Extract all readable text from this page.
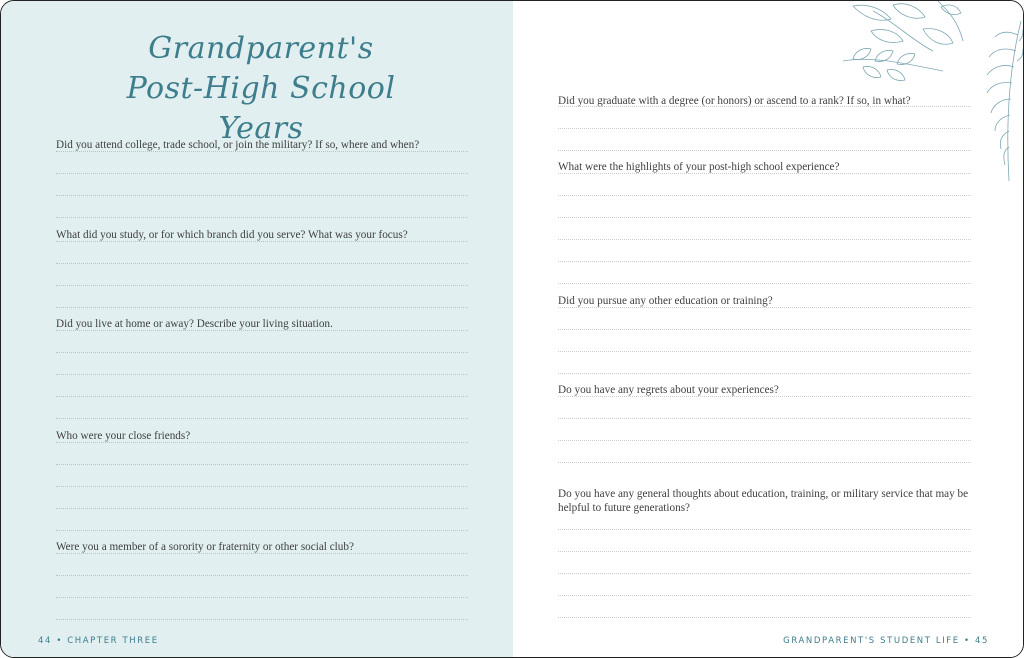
Grandparent's
Post-High School Years
Did you attend college, trade school, or join the military? If so, where and when?
What did you study, or for which branch did you serve? What was your focus?
Did you live at home or away? Describe your living situation.
Who were your close friends?
Were you a member of a sorority or fraternity or other social club?
44 • CHAPTER THREE
Did you graduate with a degree (or honors) or ascend to a rank? If so, in what?
What were the highlights of your post-high school experience?
Did you pursue any other education or training?
Do you have any regrets about your experiences?
Do you have any general thoughts about education, training, or military service that may be helpful to future generations?
GRANDPARENT'S STUDENT LIFE • 45
